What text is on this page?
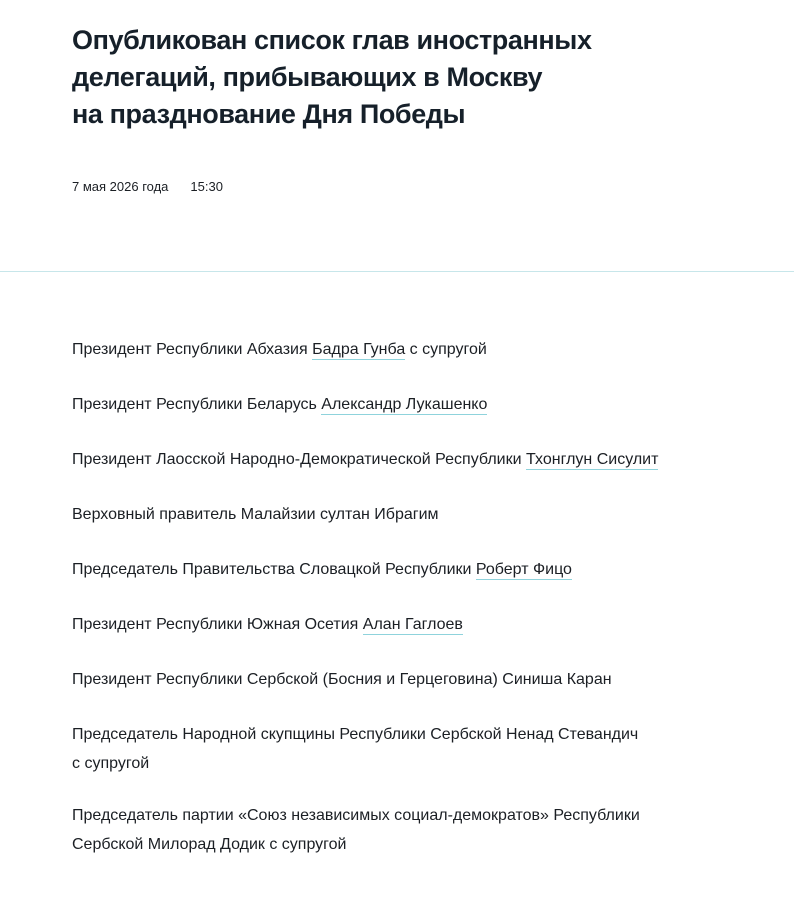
Опубликован список глав иностранных
делегаций, прибывающих в Москву
на празднование Дня Победы
7 мая 2026 года 15:30
Президент Республики Абхазия Бадра Гунба с супругой
Президент Республики Беларусь Александр Лукашенко
Президент Лаосской Народно-Демократической Республики Тхонглун Сисулит
Верховный правитель Малайзии султан Ибрагим
Председатель Правительства Словацкой Республики Роберт Фицо
Президент Республики Южная Осетия Алан Гаглоев
Президент Республики Сербской (Босния и Герцеговина) Синиша Каран
Председатель Народной скупщины Республики Сербской Ненад Стевандич
с супругой
Председатель партии «Союз независимых социал-демократов» Республики
Сербской Милорад Додик с супругой
